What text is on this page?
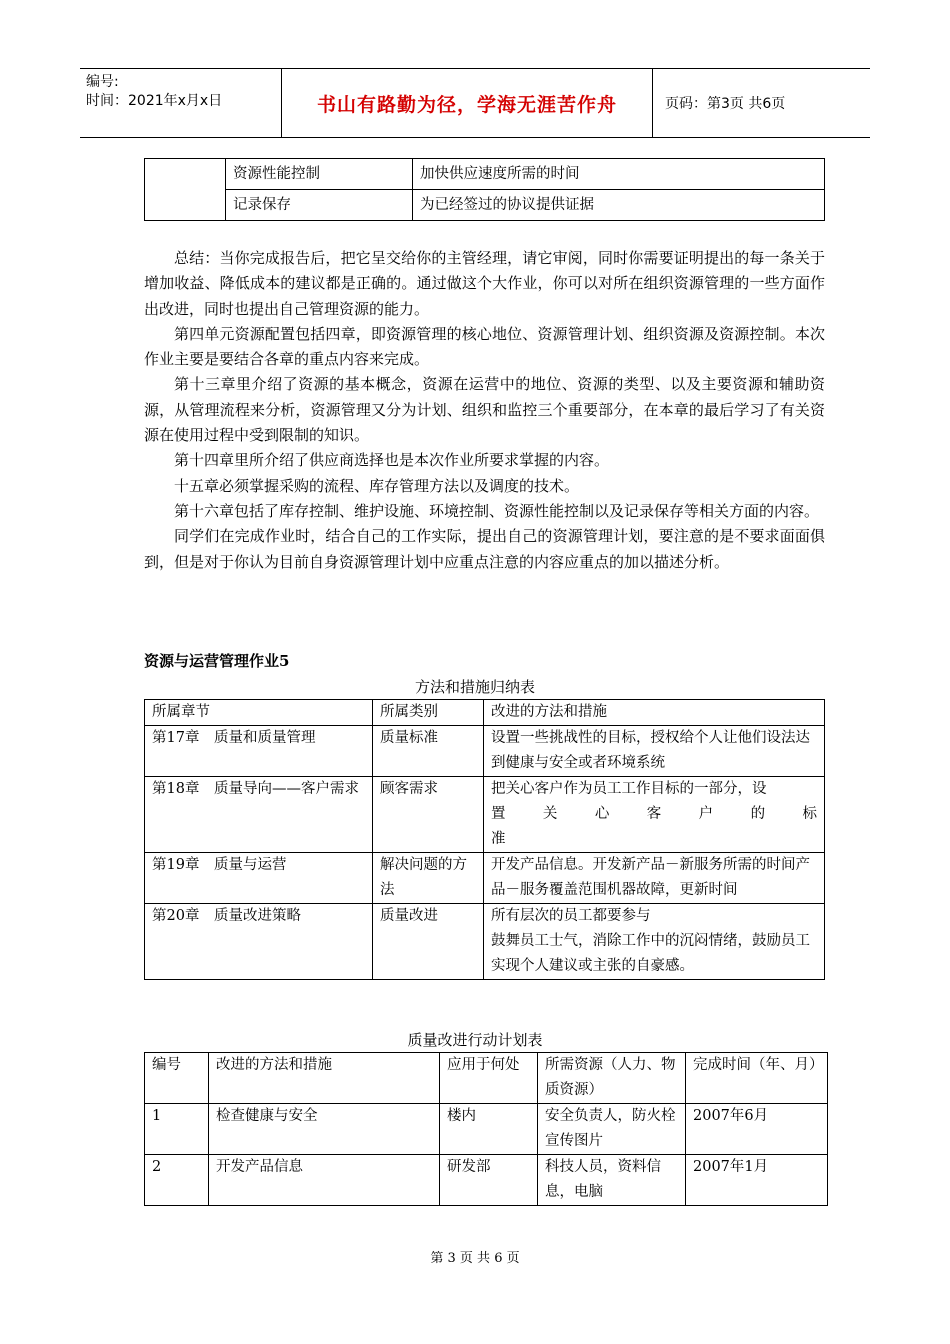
编号:
时间：2021年x月x日	书山有路勤为径，学海无涯苦作舟	页码：第3页 共6页
	资源性能控制	加快供应速度所需的时间
	记录保存	为已经签过的协议提供证据

总结：当你完成报告后，把它呈交给你的主管经理，请它审阅，同时你需要证明提出的每一条关于增加收益、降低成本的建议都是正确的。通过做这个大作业，你可以对所在组织资源管理的一些方面作出改进，同时也提出自己管理资源的能力。

第四单元资源配置包括四章，即资源管理的核心地位、资源管理计划、组织资源及资源控制。本次作业主要是要结合各章的重点内容来完成。

第十三章里介绍了资源的基本概念，资源在运营中的地位、资源的类型、以及主要资源和辅助资源，从管理流程来分析，资源管理又分为计划、组织和监控三个重要部分，在本章的最后学习了有关资源在使用过程中受到限制的知识。

第十四章里所介绍了供应商选择也是本次作业所要求掌握的内容。

十五章必须掌握采购的流程、库存管理方法以及调度的技术。

第十六章包括了库存控制、维护设施、环境控制、资源性能控制以及记录保存等相关方面的内容。

同学们在完成作业时，结合自己的工作实际，提出自己的资源管理计划，要注意的是不要求面面俱到，但是对于你认为目前自身资源管理计划中应重点注意的内容应重点的加以描述分析。

资源与运营管理作业5
方法和措施归纳表
所属章节	所属类别	改进的方法和措施
第17章　质量和质量管理	质量标准	设置一些挑战性的目标，授权给个人让他们设法达到健康与安全或者环境系统
第18章　质量导向——客户需求	顾客需求	把关心客户作为员工工作目标的一部分，设
置关心客户的标
准

第19章　质量与运营	解决问题的方法	开发产品信息。开发新产品－新服务所需的时间产品－服务覆盖范围机器故障，更新时间
第20章　质量改进策略	质量改进	所有层次的员工都要参与
鼓舞员工士气，消除工作中的沉闷情绪，鼓励员工实现个人建议或主张的自豪感。
质量改进行动计划表
编号	改进的方法和措施	应用于何处	所需资源（人力、物质资源）	完成时间（年、月）
1	检查健康与安全	楼内	安全负责人，防火栓宣传图片	2007年6月
2	开发产品信息	研发部	科技人员，资料信息，电脑	2007年1月
第 3 页 共 6 页
